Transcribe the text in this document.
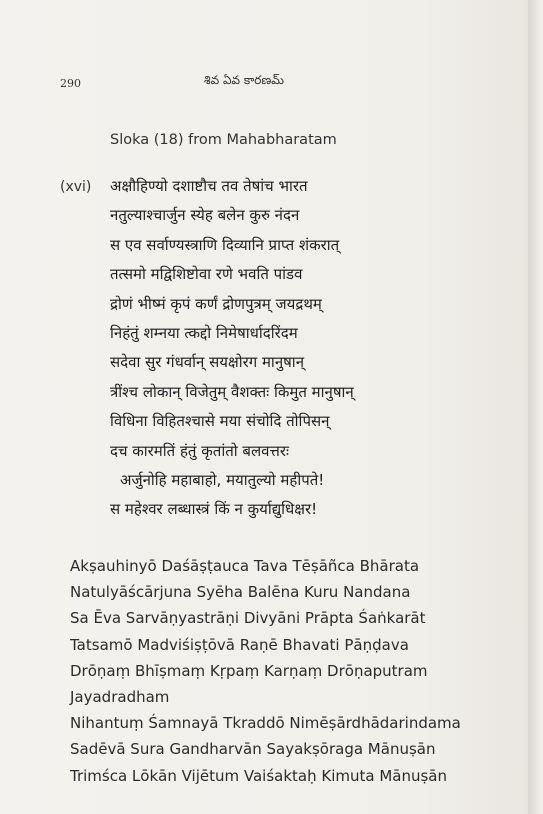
290	శివ ఏవ కారణమ్
Sloka (18) from Mahabharatam
(xvi) अक्षौहिण्यो दशाष्टौच तव तेषांच भारत
नतुल्याश्चार्जुन स्येह बलेन कुरु नंदन
स एव सर्वाण्यस्त्राणि दिव्यानि प्राप्त शंकरात्
तत्समो मद्विशिष्टोवा रणे भवति पांडव
द्रोणं भीष्मं कृपं कर्णं द्रोणपुत्रम् जयद्रथम्
निहंतुं शम्नया त्कद्दो निमेषार्धादरिंदम
सदेवा सुर गंधर्वान् सयक्षोरग मानुषान्
त्रींश्च लोकान् विजेतुम् वैशक्तः किमुत मानुषान्
विधिना विहितश्चासे मया संचोदि तोपिसन्
दच कारमतिं हंतुं कृतांतो बलवत्तरः
अर्जुनोहि महाबाहो, मयातुल्यो महीपते!
स महेश्वर लब्धास्त्रं किं न कुर्याद्युधिक्षर!
Akṣauhinyō Daśāṣṭauca Tava Tēṣāñca Bhārata
Natulyāścārjuna Syēha Balēna Kuru Nandana
Sa Ēva Sarvāṇyastrāṇi Divyāni Prāpta Śaṅkarāt
Tatsamō Madviśiṣṭōvā Raṇē Bhavati Pāṇḍava
Drōṇaṃ Bhīṣmaṃ Kṛpaṃ Karṇaṃ Drōṇaputram
Jayadradham
Nihantuṃ Śamnayā Tkraddō Nimēṣārdhādarindama
Sadēvā Sura Gandharvān Sayakṣōraga Mānuṣān
Trimśca Lōkān Vijētum Vaiśaktaḥ Kimuta Mānuṣān
